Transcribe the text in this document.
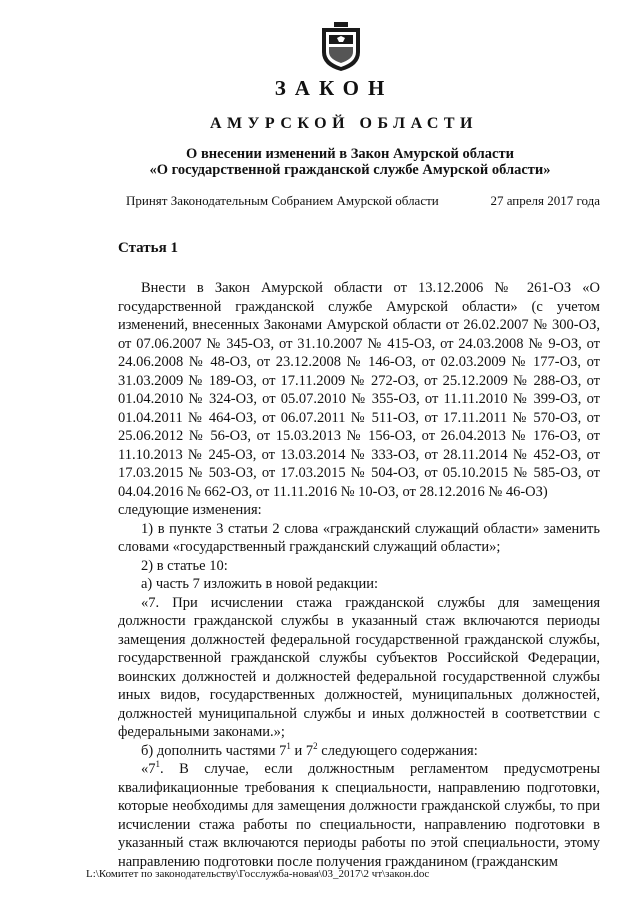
ЗАКОН
АМУРСКОЙ ОБЛАСТИ
О внесении изменений в Закон Амурской области
«О государственной гражданской службе Амурской области»
Принят Законодательным Собранием Амурской области	27 апреля 2017 года
Статья 1

Внести в Закон Амурской области от 13.12.2006 № 261-ОЗ «О государственной гражданской службе Амурской области» (с учетом изменений, внесенных Законами Амурской области от 26.02.2007 № 300-ОЗ, от 07.06.2007 № 345-ОЗ, от 31.10.2007 № 415-ОЗ, от 24.03.2008 № 9-ОЗ, от 24.06.2008 № 48-ОЗ, от 23.12.2008 № 146-ОЗ, от 02.03.2009 № 177-ОЗ, от 31.03.2009 № 189-ОЗ, от 17.11.2009 № 272-ОЗ, от 25.12.2009 № 288-ОЗ, от 01.04.2010 № 324-ОЗ, от 05.07.2010 № 355-ОЗ, от 11.11.2010 № 399-ОЗ, от 01.04.2011 № 464-ОЗ, от 06.07.2011 № 511-ОЗ, от 17.11.2011 № 570-ОЗ, от 25.06.2012 № 56-ОЗ, от 15.03.2013 № 156-ОЗ, от 26.04.2013 № 176-ОЗ, от 11.10.2013 № 245-ОЗ, от 13.03.2014 № 333-ОЗ, от 28.11.2014 № 452-ОЗ, от 17.03.2015 № 503-ОЗ, от 17.03.2015 № 504-ОЗ, от 05.10.2015 № 585-ОЗ, от 04.04.2016 № 662-ОЗ, от 11.11.2016 № 10-ОЗ, от 28.12.2016 № 46-ОЗ)

следующие изменения:

1) в пункте 3 статьи 2 слова «гражданский служащий области» заменить словами «государственный гражданский служащий области»;

2) в статье 10:

а) часть 7 изложить в новой редакции:

«7. При исчислении стажа гражданской службы для замещения должности гражданской службы в указанный стаж включаются периоды замещения должностей федеральной государственной гражданской службы, государственной гражданской службы субъектов Российской Федерации, воинских должностей и должностей федеральной государственной службы иных видов, государственных должностей, муниципальных должностей, должностей муниципальной службы и иных должностей в соответствии с федеральными законами.»;

б) дополнить частями $7^1$ и $7^2$ следующего содержания:

«$7^1$. В случае, если должностным регламентом предусмотрены квалификационные требования к специальности, направлению подготовки, которые необходимы для замещения должности гражданской службы, то при исчислении стажа работы по специальности, направлению подготовки в указанный стаж включаются периоды работы по этой специальности, этому направлению подготовки после получения гражданином (гражданским

L:\Комитет по законодательству\Госслужба-новая\03_2017\2 чт\закон.doc
